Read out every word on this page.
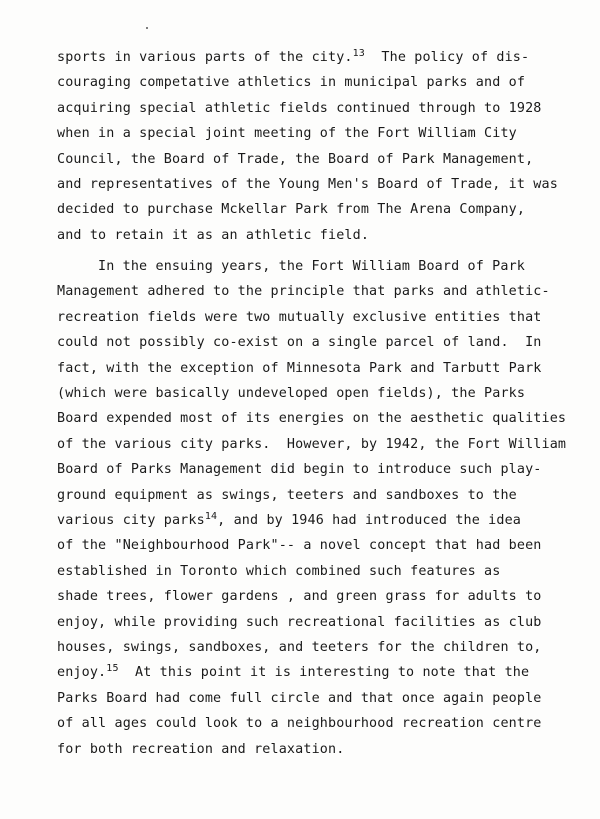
sports in various parts of the city.$^{13}$  The policy of dis-
couraging competative athletics in municipal parks and of
acquiring special athletic fields continued through to 1928
when in a special joint meeting of the Fort William City
Council, the Board of Trade, the Board of Park Management,
and representatives of the Young Men's Board of Trade, it was
decided to purchase Mckellar Park from The Arena Company,
and to retain it as an athletic field.
In the ensuing years, the Fort William Board of Park
Management adhered to the principle that parks and athletic-
recreation fields were two mutually exclusive entities that
could not possibly co-exist on a single parcel of land.  In
fact, with the exception of Minnesota Park and Tarbutt Park
(which were basically undeveloped open fields), the Parks
Board expended most of its energies on the aesthetic qualities
of the various city parks.  However, by 1942, the Fort William
Board of Parks Management did begin to introduce such play-
ground equipment as swings, teeters and sandboxes to the
various city parks$^{14}$, and by 1946 had introduced the idea
of the "Neighbourhood Park"-- a novel concept that had been
established in Toronto which combined such features as
shade trees, flower gardens , and green grass for adults to
enjoy, while providing such recreational facilities as club
houses, swings, sandboxes, and teeters for the children to,
enjoy.$^{15}$  At this point it is interesting to note that the
Parks Board had come full circle and that once again people
of all ages could look to a neighbourhood recreation centre
for both recreation and relaxation.
